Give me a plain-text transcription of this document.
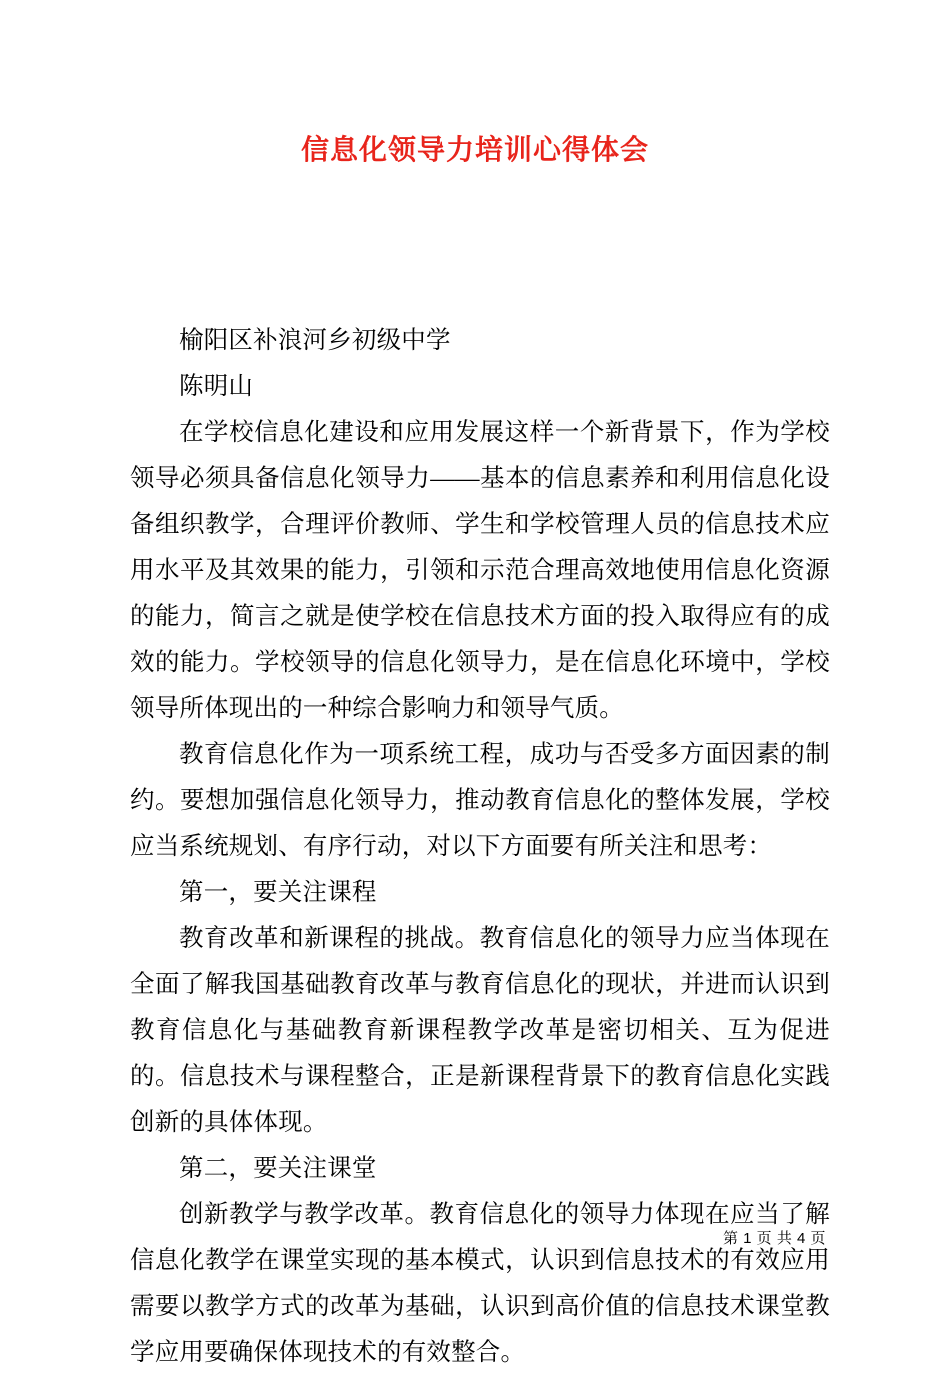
信息化领导力培训心得体会

榆阳区补浪河乡初级中学

陈明山

在学校信息化建设和应用发展这样一个新背景下，作为学校领导必须具备信息化领导力——基本的信息素养和利用信息化设备组织教学，合理评价教师、学生和学校管理人员的信息技术应用水平及其效果的能力，引领和示范合理高效地使用信息化资源的能力，简言之就是使学校在信息技术方面的投入取得应有的成效的能力。学校领导的信息化领导力，是在信息化环境中，学校领导所体现出的一种综合影响力和领导气质。

教育信息化作为一项系统工程，成功与否受多方面因素的制约。要想加强信息化领导力，推动教育信息化的整体发展，学校应当系统规划、有序行动，对以下方面要有所关注和思考：

第一，要关注课程

教育改革和新课程的挑战。教育信息化的领导力应当体现在全面了解我国基础教育改革与教育信息化的现状，并进而认识到教育信息化与基础教育新课程教学改革是密切相关、互为促进的。信息技术与课程整合，正是新课程背景下的教育信息化实践创新的具体体现。

第二，要关注课堂

创新教学与教学改革。教育信息化的领导力体现在应当了解信息化教学在课堂实现的基本模式，认识到信息技术的有效应用需要以教学方式的改革为基础，认识到高价值的信息技术课堂教学应用要确保体现技术的有效整合。

第 1 页 共 4 页
